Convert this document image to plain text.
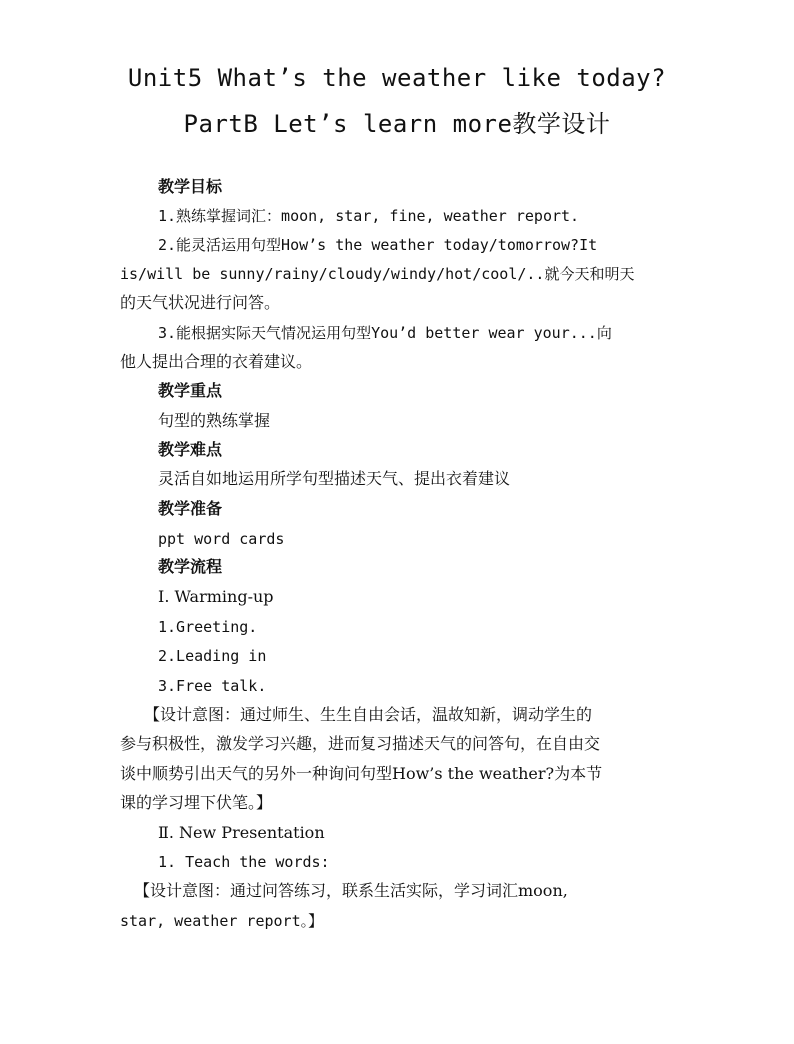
Unit5 What’s the weather like today?
PartB Let’s learn more教学设计
教学目标
1.熟练掌握词汇：moon, star, fine, weather report.
2.能灵活运用句型How’s the weather today/tomorrow?It
is/will be sunny/rainy/cloudy/windy/hot/cool/..就今天和明天
的天气状况进行问答。
3.能根据实际天气情况运用句型You’d better wear your...向
他人提出合理的衣着建议。
教学重点
句型的熟练掌握
教学难点
灵活自如地运用所学句型描述天气、提出衣着建议
教学准备
ppt word cards
教学流程
Ⅰ. Warming-up
1.Greeting.
2.Leading in
3.Free talk.
【设计意图：通过师生、生生自由会话，温故知新，调动学生的
参与积极性，激发学习兴趣，进而复习描述天气的问答句，在自由交
谈中顺势引出天气的另外一种询问句型How’s the weather?为本节
课的学习埋下伏笔。】
Ⅱ. New Presentation
1. Teach the words:
【设计意图：通过问答练习，联系生活实际，学习词汇moon,
star, weather report。】
